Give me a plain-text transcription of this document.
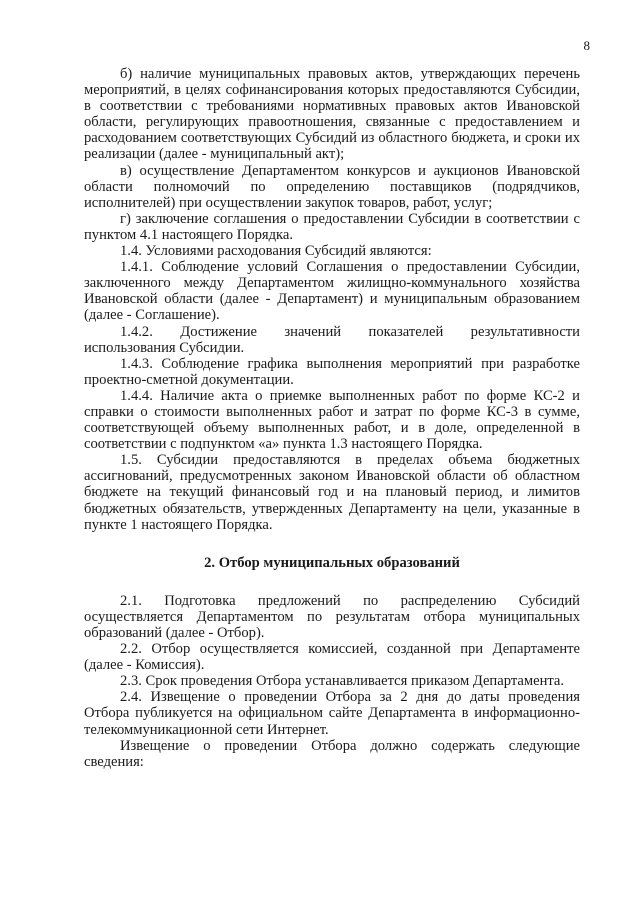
8

б) наличие муниципальных правовых актов, утверждающих перечень мероприятий, в целях софинансирования которых предоставляются Субсидии, в соответствии с требованиями нормативных правовых актов Ивановской области, регулирующих правоотношения, связанные с предоставлением и расходованием соответствующих Субсидий из областного бюджета, и сроки их реализации (далее - муниципальный акт);

в) осуществление Департаментом конкурсов и аукционов Ивановской области полномочий по определению поставщиков (подрядчиков, исполнителей) при осуществлении закупок товаров, работ, услуг;

г) заключение соглашения о предоставлении Субсидии в соответствии с пунктом 4.1 настоящего Порядка.

1.4. Условиями расходования Субсидий являются:

1.4.1. Соблюдение условий Соглашения о предоставлении Субсидии, заключенного между Департаментом жилищно-коммунального хозяйства Ивановской области (далее - Департамент) и муниципальным образованием (далее - Соглашение).

1.4.2. Достижение значений показателей результативности использования Субсидии.

1.4.3. Соблюдение графика выполнения мероприятий при разработке проектно-сметной документации.

1.4.4. Наличие акта о приемке выполненных работ по форме КС-2 и справки о стоимости выполненных работ и затрат по форме КС-3 в сумме, соответствующей объему выполненных работ, и в доле, определенной в соответствии с подпунктом «а» пункта 1.3 настоящего Порядка.

1.5. Субсидии предоставляются в пределах объема бюджетных ассигнований, предусмотренных законом Ивановской области об областном бюджете на текущий финансовый год и на плановый период, и лимитов бюджетных обязательств, утвержденных Департаменту на цели, указанные в пункте 1 настоящего Порядка.

2. Отбор муниципальных образований

2.1. Подготовка предложений по распределению Субсидий осуществляется Департаментом по результатам отбора муниципальных образований (далее - Отбор).

2.2. Отбор осуществляется комиссией, созданной при Департаменте (далее - Комиссия).

2.3. Срок проведения Отбора устанавливается приказом Департамента.

2.4. Извещение о проведении Отбора за 2 дня до даты проведения Отбора публикуется на официальном сайте Департамента в информационно-телекоммуникационной сети Интернет.

Извещение о проведении Отбора должно содержать следующие сведения:
